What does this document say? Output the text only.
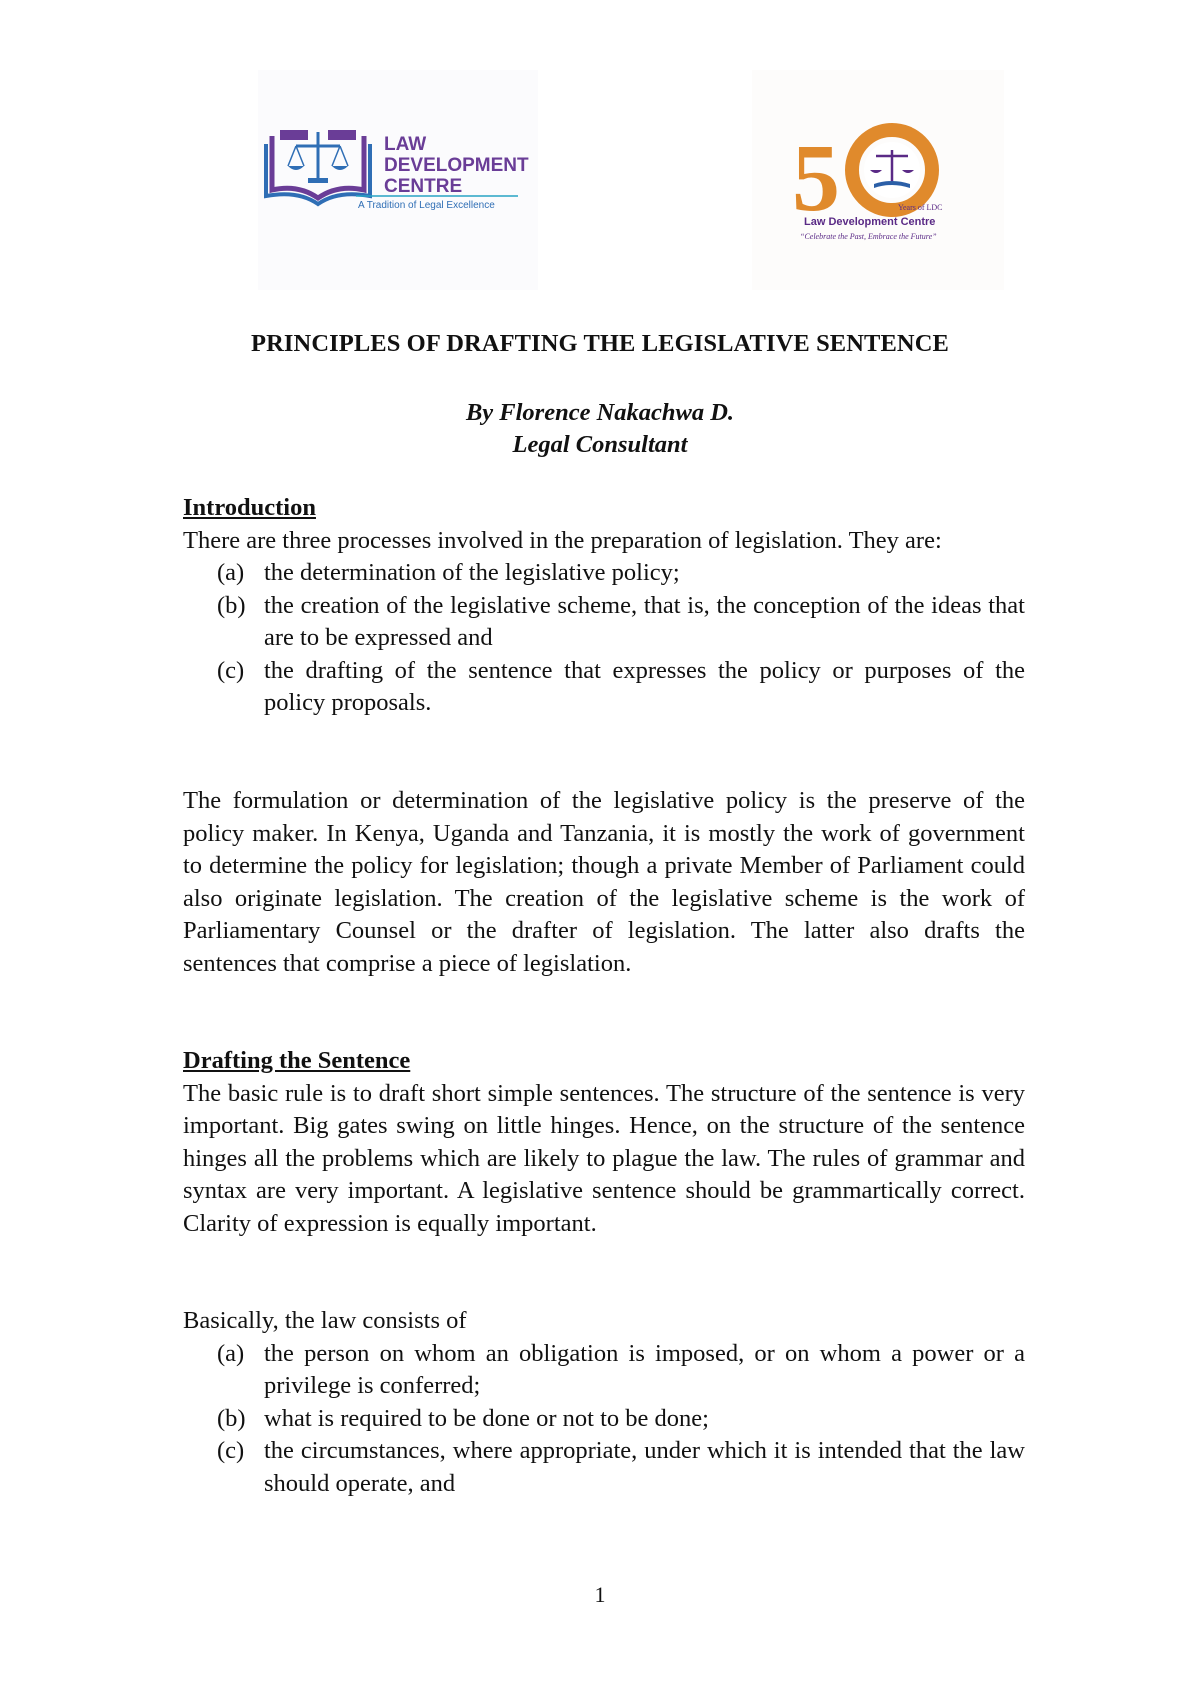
LAW
DEVELOPMENT
CENTRE
A Tradition of Legal Excellence	5	Years of LDC
Law Development Centre
“Celebrate the Past, Embrace the Future”
PRINCIPLES OF DRAFTING THE LEGISLATIVE SENTENCE
By Florence Nakachwa D.
Legal Consultant

Introduction

There are three processes involved in the preparation of legislation. They are:

(a) the determination of the legislative policy;
(b) the creation of the legislative scheme, that is, the conception of the ideas that are to be expressed and
(c) the drafting of the sentence that expresses the policy or purposes of the policy proposals.

The formulation or determination of the legislative policy is the preserve of the policy maker. In Kenya, Uganda and Tanzania, it is mostly the work of government to determine the policy for legislation; though a private Member of Parliament could also originate legislation. The creation of the legislative scheme is the work of Parliamentary Counsel or the drafter of legislation. The latter also drafts the sentences that comprise a piece of legislation.

Drafting the Sentence

The basic rule is to draft short simple sentences. The structure of the sentence is very important. Big gates swing on little hinges. Hence, on the structure of the sentence hinges all the problems which are likely to plague the law. The rules of grammar and syntax are very important. A legislative sentence should be grammartically correct. Clarity of expression is equally important.

Basically, the law consists of

(a) the person on whom an obligation is imposed, or on whom a power or a privilege is conferred;
(b) what is required to be done or not to be done;
(c) the circumstances, where appropriate, under which it is intended that the law should operate, and
1
